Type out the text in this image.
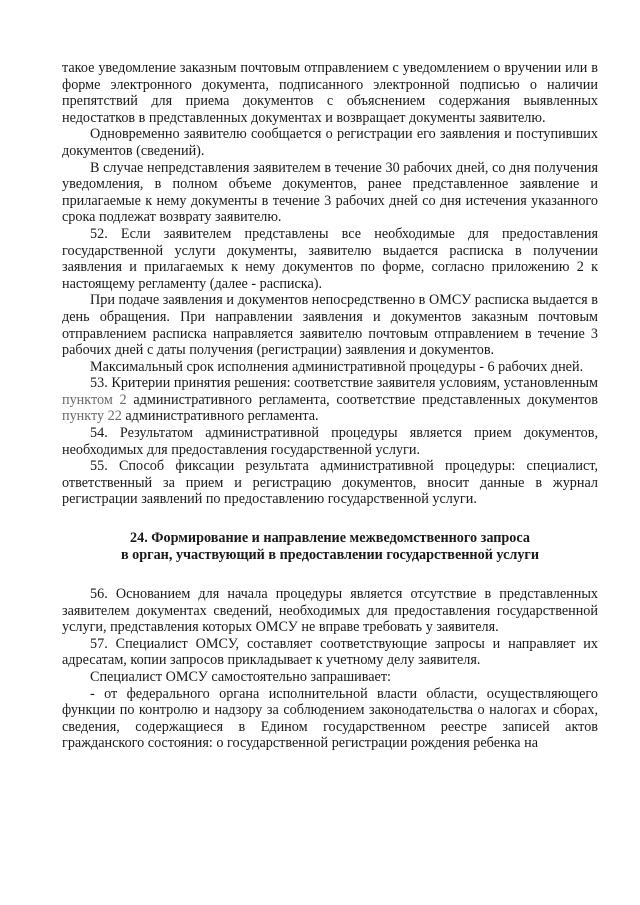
такое уведомление заказным почтовым отправлением с уведомлением о вручении или в форме электронного документа, подписанного электронной подписью о наличии препятствий для приема документов с объяснением содержания выявленных недостатков в представленных документах и возвращает документы заявителю.

Одновременно заявителю сообщается о регистрации его заявления и поступивших документов (сведений).

В случае непредставления заявителем в течение 30 рабочих дней, со дня получения уведомления, в полном объеме документов, ранее представленное заявление и прилагаемые к нему документы в течение 3 рабочих дней со дня истечения указанного срока подлежат возврату заявителю.

52. Если заявителем представлены все необходимые для предоставления государственной услуги документы, заявителю выдается расписка в получении заявления и прилагаемых к нему документов по форме, согласно приложению 2 к настоящему регламенту (далее - расписка).

При подаче заявления и документов непосредственно в ОМСУ расписка выдается в день обращения. При направлении заявления и документов заказным почтовым отправлением расписка направляется заявителю почтовым отправлением в течение 3 рабочих дней с даты получения (регистрации) заявления и документов.

Максимальный срок исполнения административной процедуры - 6 рабочих дней.

53. Критерии принятия решения: соответствие заявителя условиям, установленным пунктом 2 административного регламента, соответствие представленных документов пункту 22 административного регламента.

54. Результатом административной процедуры является прием документов, необходимых для предоставления государственной услуги.

55. Способ фиксации результата административной процедуры: специалист, ответственный за прием и регистрацию документов, вносит данные в журнал регистрации заявлений по предоставлению государственной услуги.

24. Формирование и направление межведомственного запроса

в орган, участвующий в предоставлении государственной услуги

56. Основанием для начала процедуры является отсутствие в представленных заявителем документах сведений, необходимых для предоставления государственной услуги, представления которых ОМСУ не вправе требовать у заявителя.

57. Специалист ОМСУ, составляет соответствующие запросы и направляет их адресатам, копии запросов прикладывает к учетному делу заявителя.

Специалист ОМСУ самостоятельно запрашивает:

- от федерального органа исполнительной власти области, осуществляющего функции по контролю и надзору за соблюдением законодательства о налогах и сборах, сведения, содержащиеся в Едином государственном реестре записей актов гражданского состояния: о государственной регистрации рождения ребенка на
